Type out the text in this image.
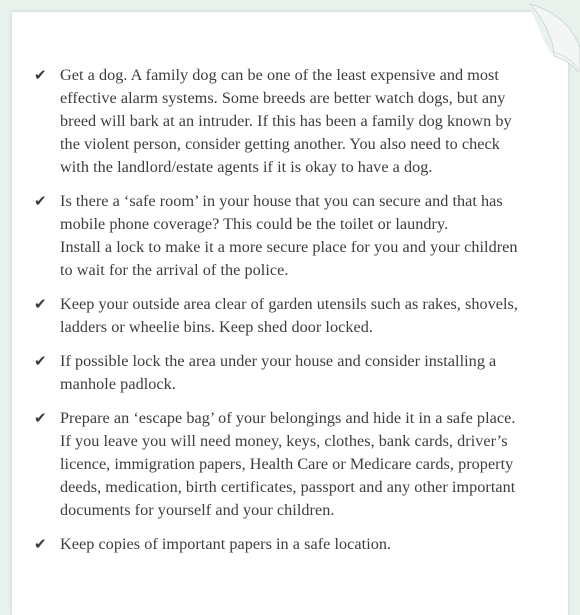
✔ Get a dog. A family dog can be one of the least expensive and most
effective alarm systems. Some breeds are better watch dogs, but any
breed will bark at an intruder. If this has been a family dog known by
the violent person, consider getting another. You also need to check
with the landlord/estate agents if it is okay to have a dog.
✔ Is there a ‘safe room’ in your house that you can secure and that has
mobile phone coverage? This could be the toilet or laundry.
Install a lock to make it a more secure place for you and your children
to wait for the arrival of the police.
✔ Keep your outside area clear of garden utensils such as rakes, shovels,
ladders or wheelie bins. Keep shed door locked.
✔ If possible lock the area under your house and consider installing a
manhole padlock.
✔ Prepare an ‘escape bag’ of your belongings and hide it in a safe place.
If you leave you will need money, keys, clothes, bank cards, driver’s
licence, immigration papers, Health Care or Medicare cards, property
deeds, medication, birth certificates, passport and any other important
documents for yourself and your children.
✔ Keep copies of important papers in a safe location.
